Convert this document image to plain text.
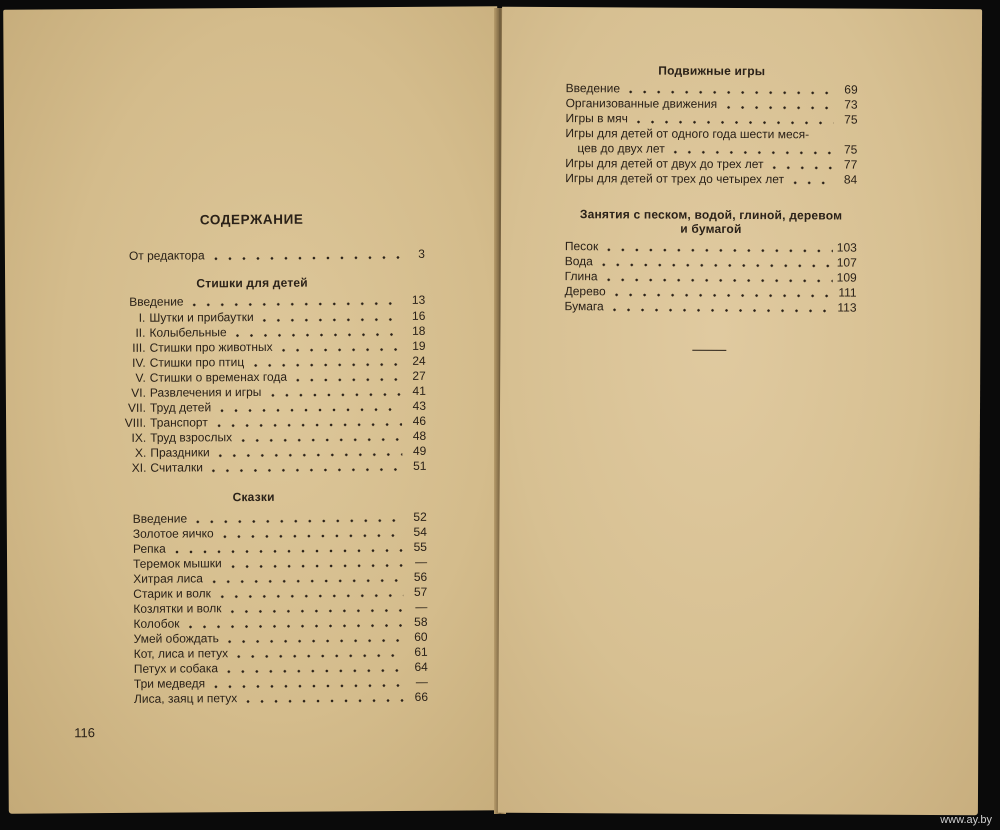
СОДЕРЖАНИЕ
От редактора	3
Стишки для детей
Введение	13
I. Шутки и прибаутки	16
II. Колыбельные	18
III. Стишки про животных	19
IV. Стишки про птиц	24
V. Стишки о временах года	27
VI. Развлечения и игры	41
VII. Труд детей	43
VIII. Транспорт	46
IX. Труд взрослых	48
X. Праздники	49
XI. Считалки	51
Сказки
Введение	52
Золотое яичко	54
Репка	55
Теремок мышки	—
Хитрая лиса	56
Старик и волк	57
Козлятки и волк	—
Колобок	58
Умей обождать	60
Кот, лиса и петух	61
Петух и собака	64
Три медведя	—
Лиса, заяц и петух	66
116
Подвижные игры
Введение	69
Организованные движения	73
Игры в мяч	75
Игры для детей от одного года шести меся-
цев до двух лет	75
Игры для детей от двух до трех лет	77
Игры для детей от трех до четырех лет	84
Занятия с песком, водой, глиной, деревом
и бумагой
Песок	103
Вода	107
Глина	109
Дерево	111
Бумага	113
www.ay.by
